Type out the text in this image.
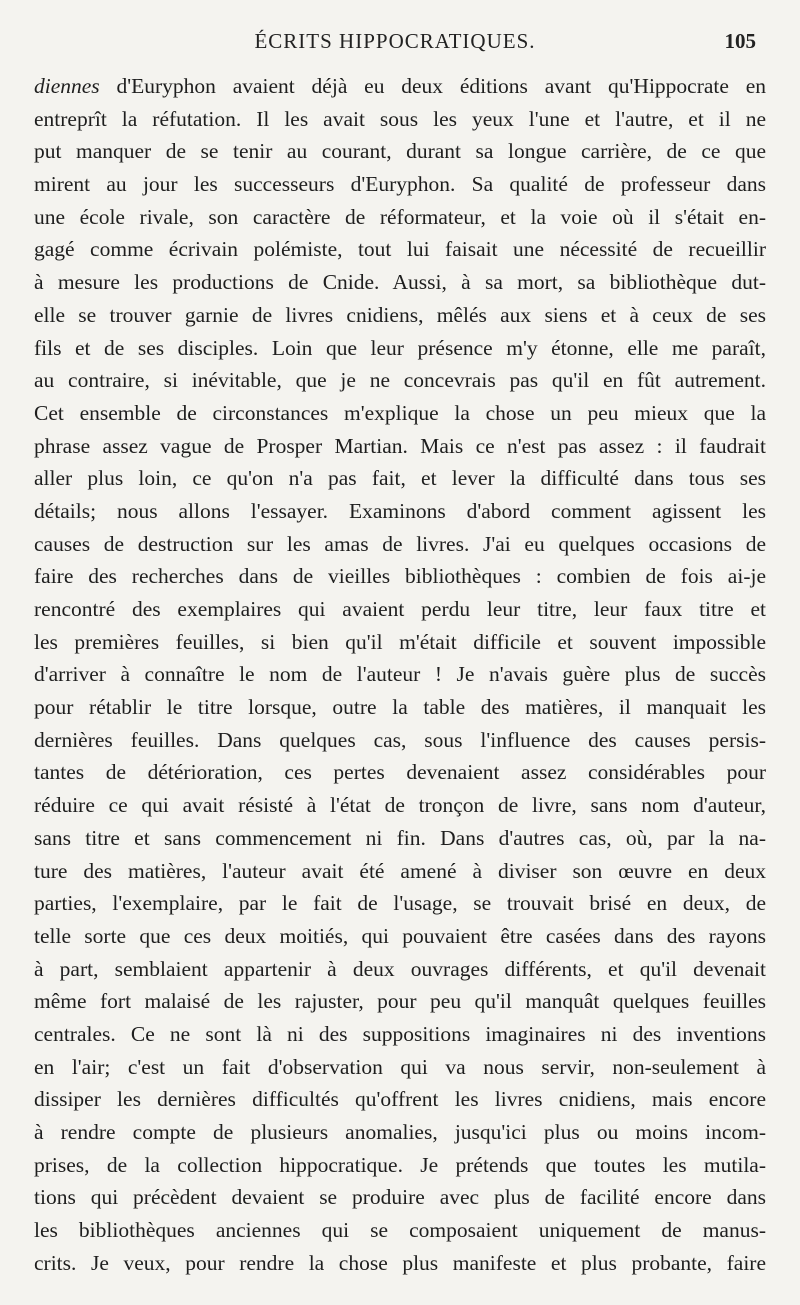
ÉCRITS HIPPOCRATIQUES.	105
diennes d'Euryphon avaient déjà eu deux éditions avant qu'Hippocrate en
entreprît la réfutation. Il les avait sous les yeux l'une et l'autre, et il ne
put manquer de se tenir au courant, durant sa longue carrière, de ce que
mirent au jour les successeurs d'Euryphon. Sa qualité de professeur dans
une école rivale, son caractère de réformateur, et la voie où il s'était en-
gagé comme écrivain polémiste, tout lui faisait une nécessité de recueillir
à mesure les productions de Cnide. Aussi, à sa mort, sa bibliothèque dut-
elle se trouver garnie de livres cnidiens, mêlés aux siens et à ceux de ses
fils et de ses disciples. Loin que leur présence m'y étonne, elle me paraît,
au contraire, si inévitable, que je ne concevrais pas qu'il en fût autrement.
Cet ensemble de circonstances m'explique la chose un peu mieux que la
phrase assez vague de Prosper Martian. Mais ce n'est pas assez : il faudrait
aller plus loin, ce qu'on n'a pas fait, et lever la difficulté dans tous ses
détails; nous allons l'essayer. Examinons d'abord comment agissent les
causes de destruction sur les amas de livres. J'ai eu quelques occasions de
faire des recherches dans de vieilles bibliothèques : combien de fois ai-je
rencontré des exemplaires qui avaient perdu leur titre, leur faux titre et
les premières feuilles, si bien qu'il m'était difficile et souvent impossible
d'arriver à connaître le nom de l'auteur ! Je n'avais guère plus de succès
pour rétablir le titre lorsque, outre la table des matières, il manquait les
dernières feuilles. Dans quelques cas, sous l'influence des causes persis-
tantes de détérioration, ces pertes devenaient assez considérables pour
réduire ce qui avait résisté à l'état de tronçon de livre, sans nom d'auteur,
sans titre et sans commencement ni fin. Dans d'autres cas, où, par la na-
ture des matières, l'auteur avait été amené à diviser son œuvre en deux
parties, l'exemplaire, par le fait de l'usage, se trouvait brisé en deux, de
telle sorte que ces deux moitiés, qui pouvaient être casées dans des rayons
à part, semblaient appartenir à deux ouvrages différents, et qu'il devenait
même fort malaisé de les rajuster, pour peu qu'il manquât quelques feuilles
centrales. Ce ne sont là ni des suppositions imaginaires ni des inventions
en l'air; c'est un fait d'observation qui va nous servir, non-seulement à
dissiper les dernières difficultés qu'offrent les livres cnidiens, mais encore
à rendre compte de plusieurs anomalies, jusqu'ici plus ou moins incom-
prises, de la collection hippocratique. Je prétends que toutes les mutila-
tions qui précèdent devaient se produire avec plus de facilité encore dans
les bibliothèques anciennes qui se composaient uniquement de manus-
crits. Je veux, pour rendre la chose plus manifeste et plus probante, faire
